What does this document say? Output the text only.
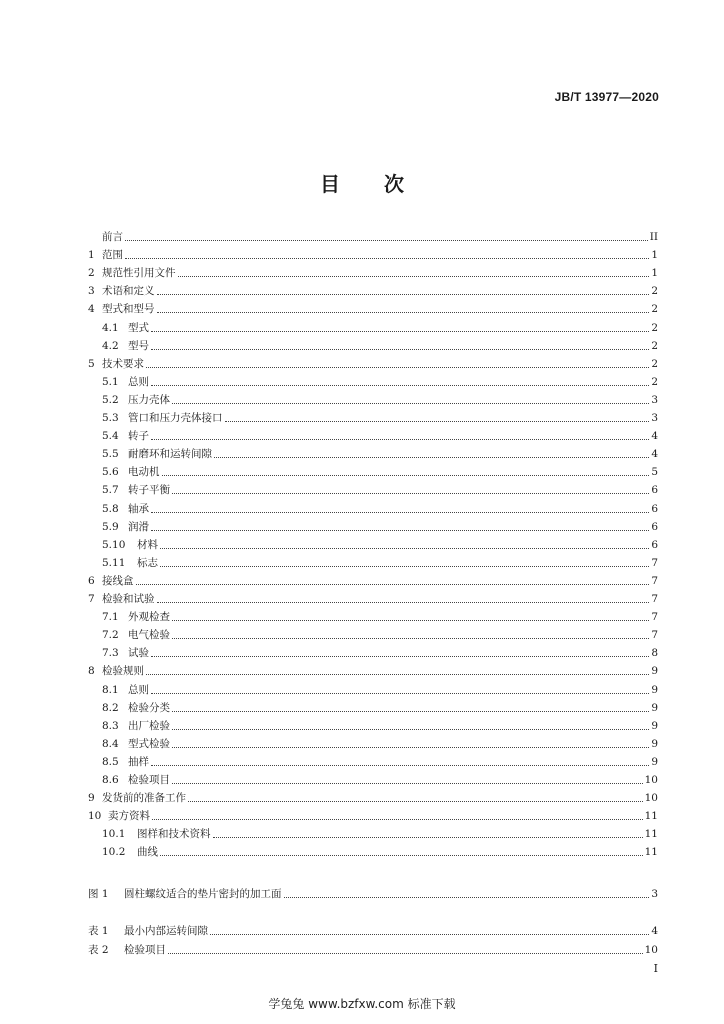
JB/T 13977—2020
目 次
前言	II
1 范围	1
2 规范性引用文件	1
3 术语和定义	2
4 型式和型号	2
4.1 型式	2
4.2 型号	2
5 技术要求	2
5.1 总则	2
5.2 压力壳体	3
5.3 管口和压力壳体接口	3
5.4 转子	4
5.5 耐磨环和运转间隙	4
5.6 电动机	5
5.7 转子平衡	6
5.8 轴承	6
5.9 润滑	6
5.10	材料	6
5.11	标志	7
6 接线盒	7
7 检验和试验	7
7.1 外观检查	7
7.2 电气检验	7
7.3 试验	8
8 检验规则	9
8.1 总则	9
8.2 检验分类	9
8.3 出厂检验	9
8.4 型式检验	9
8.5 抽样	9
8.6 检验项目	10
9 发货前的准备工作	10
10 卖方资料	11
10.1	图样和技术资料	11
10.2	曲线	11
图 1	圆柱螺纹适合的垫片密封的加工面	3
表 1	最小内部运转间隙	4
表 2	检验项目	10
I
学兔兔 www.bzfxw.com 标准下载
